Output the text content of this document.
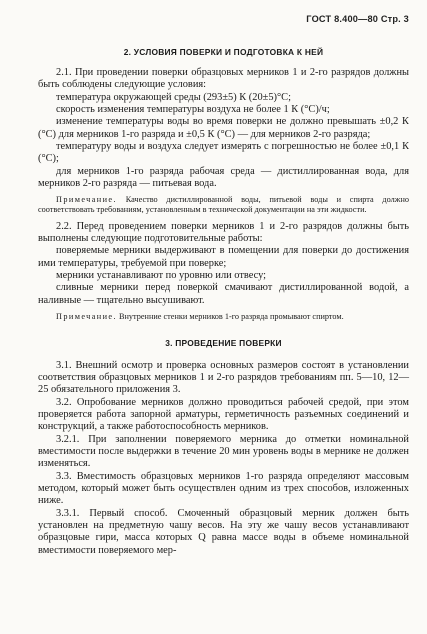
ГОСТ 8.400—80 Стр. 3
2. УСЛОВИЯ ПОВЕРКИ И ПОДГОТОВКА К НЕЙ

2.1. При проведении поверки образцовых мерников 1 и 2-го разрядов должны быть соблюдены следующие условия:

температура окружающей среды (293±5) К (20±5)°С;

скорость изменения температуры воздуха не более 1 К (°С)/ч;

изменение температуры воды во время поверки не должно превышать ±0,2 К (°С) для мерников 1-го разряда и ±0,5 К (°С) — для мерников 2-го разряда;

температуру воды и воздуха следует измерять с погрешностью не более ±0,1 К (°С);

для мерников 1-го разряда рабочая среда — дистиллированная вода, для мерников 2-го разряда — питьевая вода.

Примечание. Качество дистиллированной воды, питьевой воды и спирта должно соответствовать требованиям, установленным в технической документации на эти жидкости.

2.2. Перед проведением поверки мерников 1 и 2-го разрядов должны быть выполнены следующие подготовительные работы:

поверяемые мерники выдерживают в помещении для поверки до достижения ими температуры, требуемой при поверке;

мерники устанавливают по уровню или отвесу;

сливные мерники перед поверкой смачивают дистиллированной водой, а наливные — тщательно высушивают.

Примечание. Внутренние стенки мерников 1-го разряда промывают спиртом.

3. ПРОВЕДЕНИЕ ПОВЕРКИ

3.1. Внешний осмотр и проверка основных размеров состоят в установлении соответствия образцовых мерников 1 и 2-го разрядов требованиям пп. 5—10, 12—25 обязательного приложения 3.

3.2. Опробование мерников должно проводиться рабочей средой, при этом проверяется работа запорной арматуры, герметичность разъемных соединений и конструкций, а также работоспособность мерников.

3.2.1. При заполнении поверяемого мерника до отметки номинальной вместимости после выдержки в течение 20 мин уровень воды в мернике не должен изменяться.

3.3. Вместимость образцовых мерников 1-го разряда определяют массовым методом, который может быть осуществлен одним из трех способов, изложенных ниже.

3.3.1. Первый способ. Смоченный образцовый мерник должен быть установлен на предметную чашу весов. На эту же чашу весов устанавливают образцовые гири, масса которых Q равна массе воды в объеме номинальной вместимости поверяемого мер-
